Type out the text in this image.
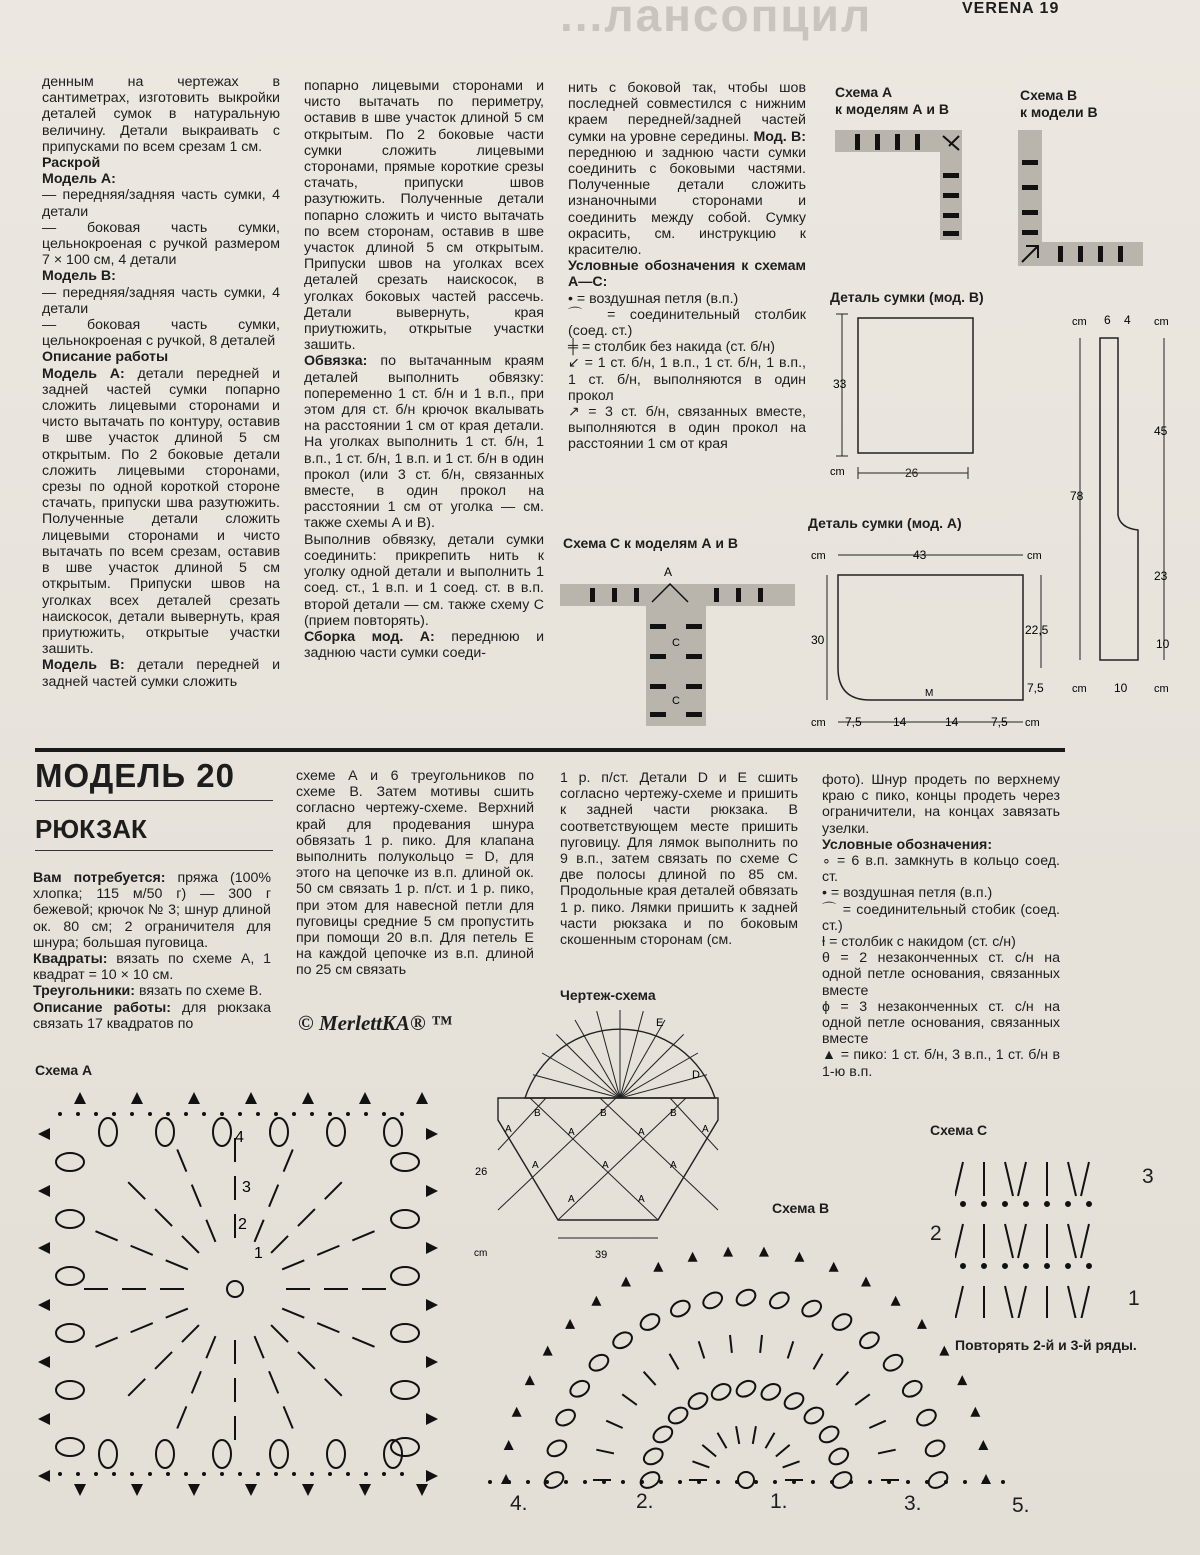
...лансопцил	VERENA 19

денным на чертежах в сантиметрах, изготовить выкройки деталей сумок в натуральную величину. Детали выкраивать с припусками по всем срезам 1 см.

Раскрой

Модель А:

— передняя/задняя часть сумки, 4 детали

— боковая часть сумки, цельнокроеная с ручкой размером 7 × 100 см, 4 детали

Модель В:

— передняя/задняя часть сумки, 4 детали

— боковая часть сумки, цельнокроеная с ручкой, 8 деталей

Описание работы

Модель А: детали передней и задней частей сумки попарно сложить лицевыми сторонами и чисто вытачать по контуру, оставив в шве участок длиной 5 см открытым. По 2 боковые детали сложить лицевыми сторонами, срезы по одной короткой стороне стачать, припуски шва разутюжить. Полученные детали сложить лицевыми сторонами и чисто вытачать по всем срезам, оставив в шве участок длиной 5 см открытым. Припуски швов на уголках всех деталей срезать наискосок, детали вывернуть, края приутюжить, открытые участки зашить.

Модель В: детали передней и задней частей сумки сложить

попарно лицевыми сторонами и чисто вытачать по периметру, оставив в шве участок длиной 5 см открытым. По 2 боковые части сумки сложить лицевыми сторонами, прямые короткие срезы стачать, припуски швов разутюжить. Полученные детали попарно сложить и чисто вытачать по всем сторонам, оставив в шве участок длиной 5 см открытым. Припуски швов на уголках всех деталей срезать наискосок, в уголках боковых частей рассечь. Детали вывернуть, края приутюжить, открытые участки зашить.

Обвязка: по вытачанным краям деталей выполнить обвязку: попеременно 1 ст. б/н и 1 в.п., при этом для ст. б/н крючок вкалывать на расстоянии 1 см от края детали. На уголках выполнить 1 ст. б/н, 1 в.п., 1 ст. б/н, 1 в.п. и 1 ст. б/н в один прокол (или 3 ст. б/н, связанных вместе, в один прокол на расстоянии 1 см от уголка — см. также схемы А и В).

Выполнив обвязку, детали сумки соединить: прикрепить нить к уголку одной детали и выполнить 1 соед. ст., 1 в.п. и 1 соед. ст. в в.п. второй детали — см. также схему С (прием повторять).

Сборка мод. А: переднюю и заднюю части сумки соеди-

нить с боковой так, чтобы шов последней совместился с нижним краем передней/задней частей сумки на уровне середины. Мод. В: переднюю и заднюю части сумки соединить с боковыми частями. Полученные детали сложить изнаночными сторонами и соединить между собой. Сумку окрасить, см. инструкцию к красителю.

Условные обозначения к схемам А—С:

• = воздушная петля (в.п.)

⌒ = соединительный столбик (соед. ст.)

╪ = столбик без накида (ст. б/н)

↙ = 1 ст. б/н, 1 в.п., 1 ст. б/н, 1 в.п., 1 ст. б/н, выполняются в один прокол

↗ = 3 ст. б/н, связанных вместе, выполняются в один прокол на расстоянии 1 см от края

Схема А
к моделям А и В
Схема В
к модели В
Деталь сумки (мод. В)
33
26
cm
cm 6 4 cm
78
45
23
10
cm 10 cm
Деталь сумки (мод. А)
cm	43	cm
30
22,5
7,5
M
cm 7,5	14	14	7,5 cm
Схема С к моделям А и В
A
C
C
МОДЕЛЬ 20
РЮКЗАК

Вам потребуется: пряжа (100% хлопка; 115 м/50 г) — 300 г бежевой; крючок № 3; шнур длиной ок. 80 см; 2 ограничителя для шнура; большая пуговица.

Квадраты: вязать по схеме А, 1 квадрат = 10 × 10 см.

Треугольники: вязать по схеме В.

Описание работы: для рюкзака связать 17 квадратов по

схеме А и 6 треугольников по схеме В. Затем мотивы сшить согласно чертежу-схеме. Верхний край для продевания шнура обвязать 1 р. пико. Для клапана выполнить полукольцо = D, для этого на цепочке из в.п. длиной ок. 50 см связать 1 р. п/ст. и 1 р. пико, при этом для навесной петли для пуговицы средние 5 см пропустить при помощи 20 в.п. Для петель Е на каждой цепочке из в.п. длиной по 25 см связать

1 р. п/ст. Детали D и Е сшить согласно чертежу-схеме и пришить к задней части рюкзака. В соответствующем месте пришить пуговицу. Для лямок выполнить по 9 в.п., затем связать по схеме С две полосы длиной по 85 см. Продольные края деталей обвязать 1 р. пико. Лямки пришить к задней части рюкзака и по боковым скошенным сторонам (см.

фото). Шнур продеть по верхнему краю с пико, концы продеть через ограничители, на концах завязать узелки.

Условные обозначения:

∘ = 6 в.п. замкнуть в кольцо соед. ст.

• = воздушная петля (в.п.)

⌒ = соединительный стобик (соед. ст.)

ƚ = столбик с накидом (ст. с/н)

θ = 2 незаконченных ст. с/н на одной петле основания, связанных вместе

ɸ = 3 незаконченных ст. с/н на одной петле основания, связанных вместе

▲ = пико: 1 ст. б/н, 3 в.п., 1 ст. б/н в 1-ю в.п.

© MerlettKA® ™
Схема А
4
3
2
1
Чертеж-схема
E
D
B	B	B
A	A	A	A
A	A	A
A	A
26
cm	39
Схема В
4.	2.	1.	3.	5.
Схема С
3
2
1
Повторять 2-й и 3-й ряды.
